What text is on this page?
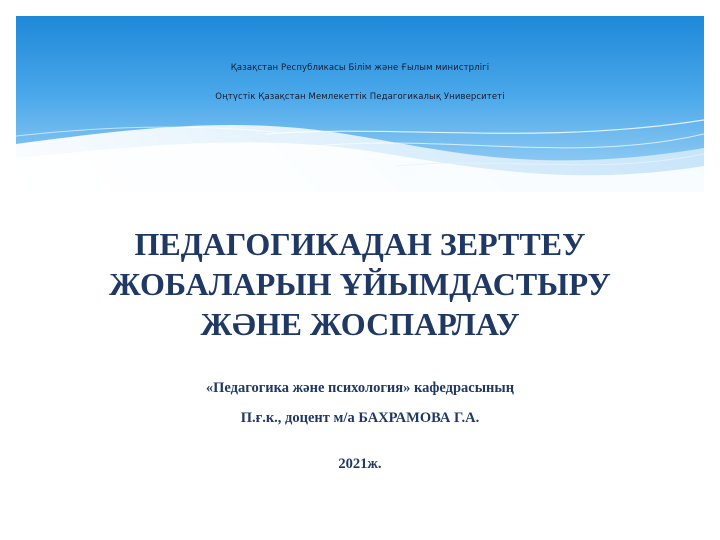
Қазақстан Республикасы Білім және Ғылым министрлігі
Оңтүстік Қазақстан Мемлекеттік Педагогикалық Университеті
ПЕДАГОГИКАДАН ЗЕРТТЕУ
ЖОБАЛАРЫН ҰЙЫМДАСТЫРУ
ЖӘНЕ ЖОСПАРЛАУ
«Педагогика және психология» кафедрасының
П.ғ.к., доцент м/а БАХРАМОВА Г.А.
2021ж.
